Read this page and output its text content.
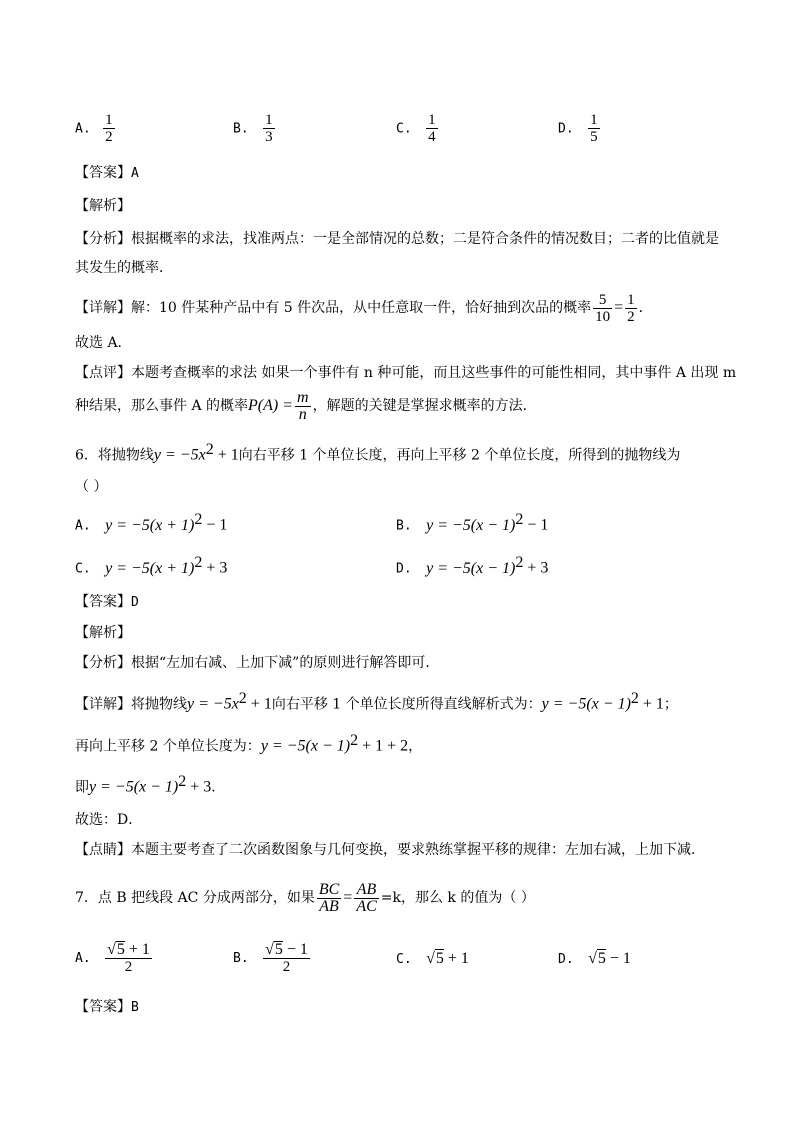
A. $\frac{1}{2}$	B. $\frac{1}{3}$	C. $\frac{1}{4}$	D. $\frac{1}{5}$
【答案】A
【解析】
【分析】根据概率的求法，找准两点：一是全部情况的总数；二是符合条件的情况数目；二者的比值就是
其发生的概率．
【详解】解：10 件某种产品中有 5 件次品，从中任意取一件，恰好抽到次品的概率 $\frac{5}{10} = \frac{1}{2}$ ．
故选 A．
【点评】本题考查概率的求法 如果一个事件有 n 种可能，而且这些事件的可能性相同，其中事件 A 出现 m
种结果，那么事件 A 的概率$P(A) = \frac{m}{n}$ ，解题的关键是掌握求概率的方法．
6．将抛物线$y = -5x^2 + 1$向右平移 1 个单位长度，再向上平移 2 个单位长度，所得到的抛物线为
（ ）
A. $y = -5(x + 1)^2 - 1$	B. $y = -5(x - 1)^2 - 1$
C. $y = -5(x + 1)^2 + 3$	D. $y = -5(x - 1)^2 + 3$
【答案】D
【解析】
【分析】根据“左加右减、上加下减”的原则进行解答即可．
【详解】将抛物线$y = -5x^2 + 1$向右平移 1 个单位长度所得直线解析式为：$y = -5(x - 1)^2 + 1$；
再向上平移 2 个单位长度为：$y = -5(x - 1)^2 + 1 + 2$，
即$y = -5(x - 1)^2 + 3$．
故选：D．
【点睛】本题主要考查了二次函数图象与几何变换，要求熟练掌握平移的规律：左加右减，上加下减．
7．点 B 把线段 AC 分成两部分，如果 $\frac{BC}{AB} = \frac{AB}{AC} =k$，那么 k 的值为（ ）
A. $\frac{√5 + 1}{2}$	B. $\frac{√5 - 1}{2}$	C. √5 + 1	D. √5 − 1
【答案】B
